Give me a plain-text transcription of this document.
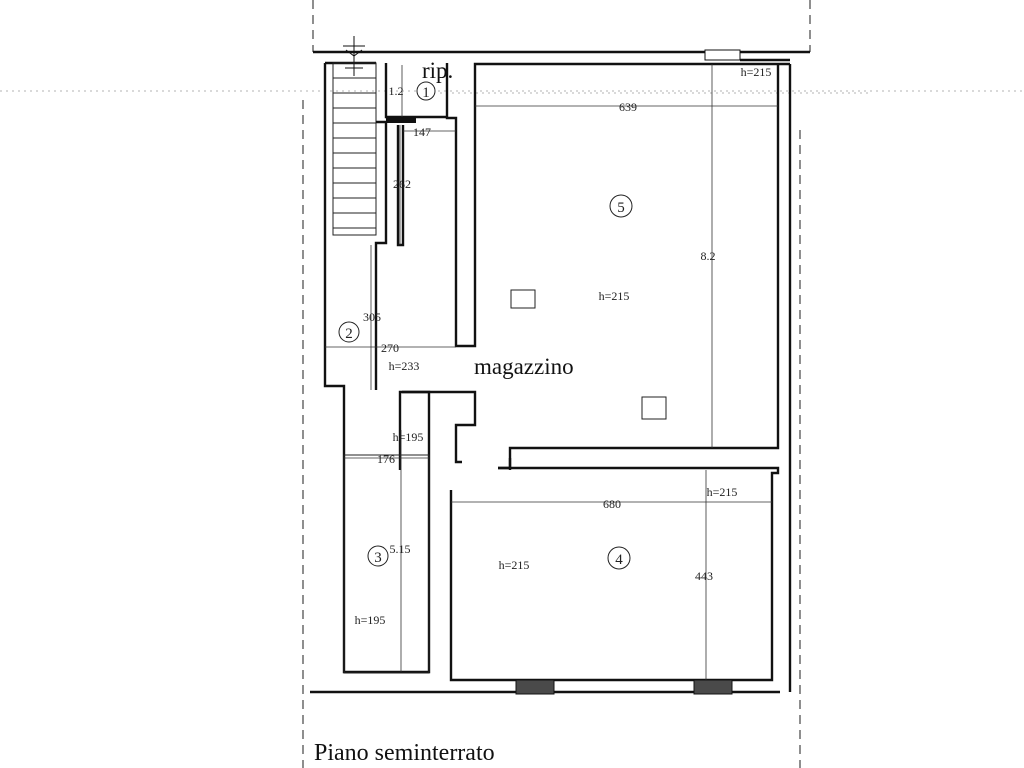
1
2
3	4
5
rip.
magazzino
1.2
147
262
305
270
639
8.2
176
5.15
680
443
h=215
h=215
h=233
h=195
h=195
h=215
h=215
Piano seminterrato
